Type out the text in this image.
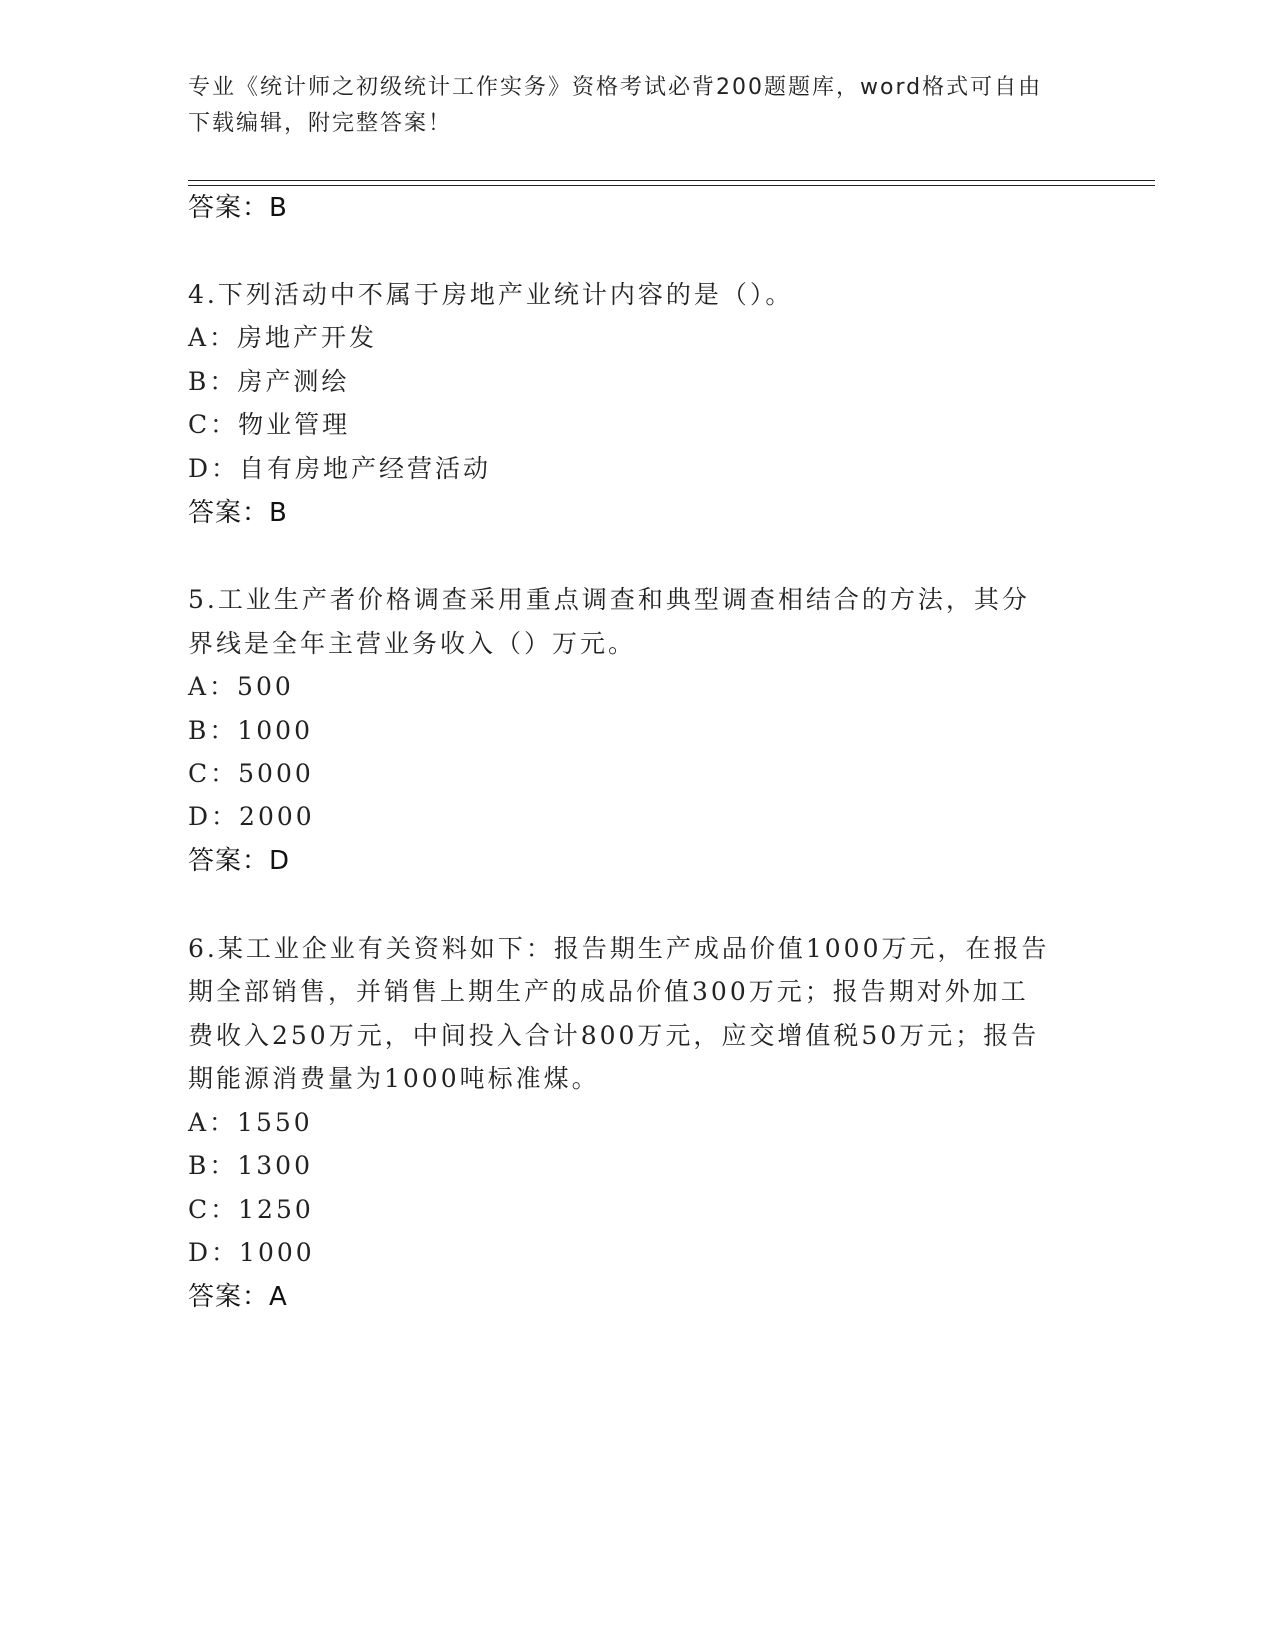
专业《统计师之初级统计工作实务》资格考试必背200题题库，word格式可自由
下载编辑，附完整答案！
答案：B
4.下列活动中不属于房地产业统计内容的是（）。
A：房地产开发
B：房产测绘
C：物业管理
D：自有房地产经营活动
答案：B
5.工业生产者价格调查采用重点调查和典型调查相结合的方法，其分
界线是全年主营业务收入（）万元。
A：500
B：1000
C：5000
D：2000
答案：D
6.某工业企业有关资料如下：报告期生产成品价值1000万元，在报告
期全部销售，并销售上期生产的成品价值300万元；报告期对外加工
费收入250万元，中间投入合计800万元，应交增值税50万元；报告
期能源消费量为1000吨标准煤。
A：1550
B：1300
C：1250
D：1000
答案：A
